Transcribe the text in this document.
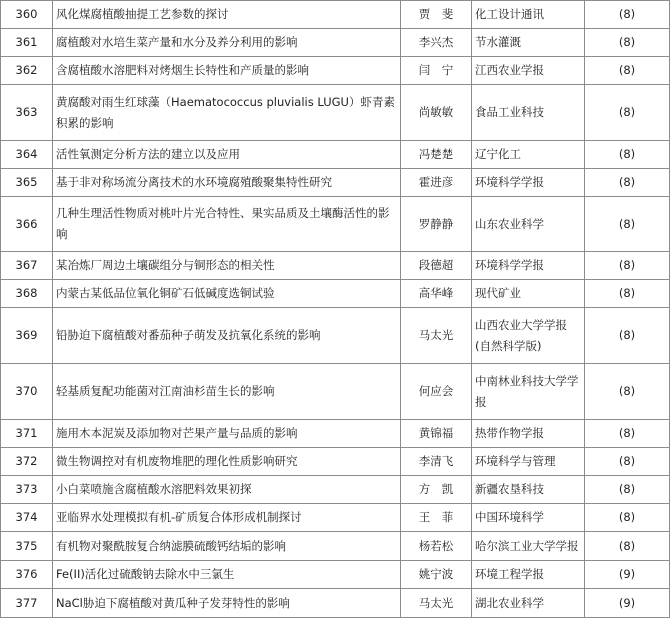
360	风化煤腐植酸抽提工艺参数的探讨	贾　斐	化工设计通讯	(8)
361	腐植酸对水培生菜产量和水分及养分利用的影响	李兴杰	节水灌溉	(8)
362	含腐植酸水溶肥料对烤烟生长特性和产质量的影响	闫　宁	江西农业学报	(8)
363	黄腐酸对雨生红球藻（Haematococcus pluvialis LUGU）虾青素积累的影响	尚敏敏	食品工业科技	(8)
364	活性氧测定分析方法的建立以及应用	冯楚楚	辽宁化工	(8)
365	基于非对称场流分离技术的水环境腐殖酸聚集特性研究	霍进彦	环境科学学报	(8)
366	几种生理活性物质对桃叶片光合特性、果实品质及土壤酶活性的影响	罗静静	山东农业科学	(8)
367	某冶炼厂周边土壤碳组分与铜形态的相关性	段德超	环境科学学报	(8)
368	内蒙古某低品位氧化铜矿石低碱度选铜试验	高华峰	现代矿业	(8)
369	铅胁迫下腐植酸对番茄种子萌发及抗氧化系统的影响	马太光	山西农业大学学报(自然科学版)	(8)
370	轻基质复配功能菌对江南油杉苗生长的影响	何应会	中南林业科技大学学报	(8)
371	施用木本泥炭及添加物对芒果产量与品质的影响	黄锦福	热带作物学报	(8)
372	微生物调控对有机废物堆肥的理化性质影响研究	李清飞	环境科学与管理	(8)
373	小白菜喷施含腐植酸水溶肥料效果初探	方　凯	新疆农垦科技	(8)
374	亚临界水处理模拟有机-矿质复合体形成机制探讨	王　菲	中国环境科学	(8)
375	有机物对聚酰胺复合纳滤膜硫酸钙结垢的影响	杨若松	哈尔滨工业大学学报	(8)
376	Fe(II)活化过硫酸钠去除水中三氯生	姚宁波	环境工程学报	(9)
377	NaCl胁迫下腐植酸对黄瓜种子发芽特性的影响	马太光	湖北农业科学	(9)
